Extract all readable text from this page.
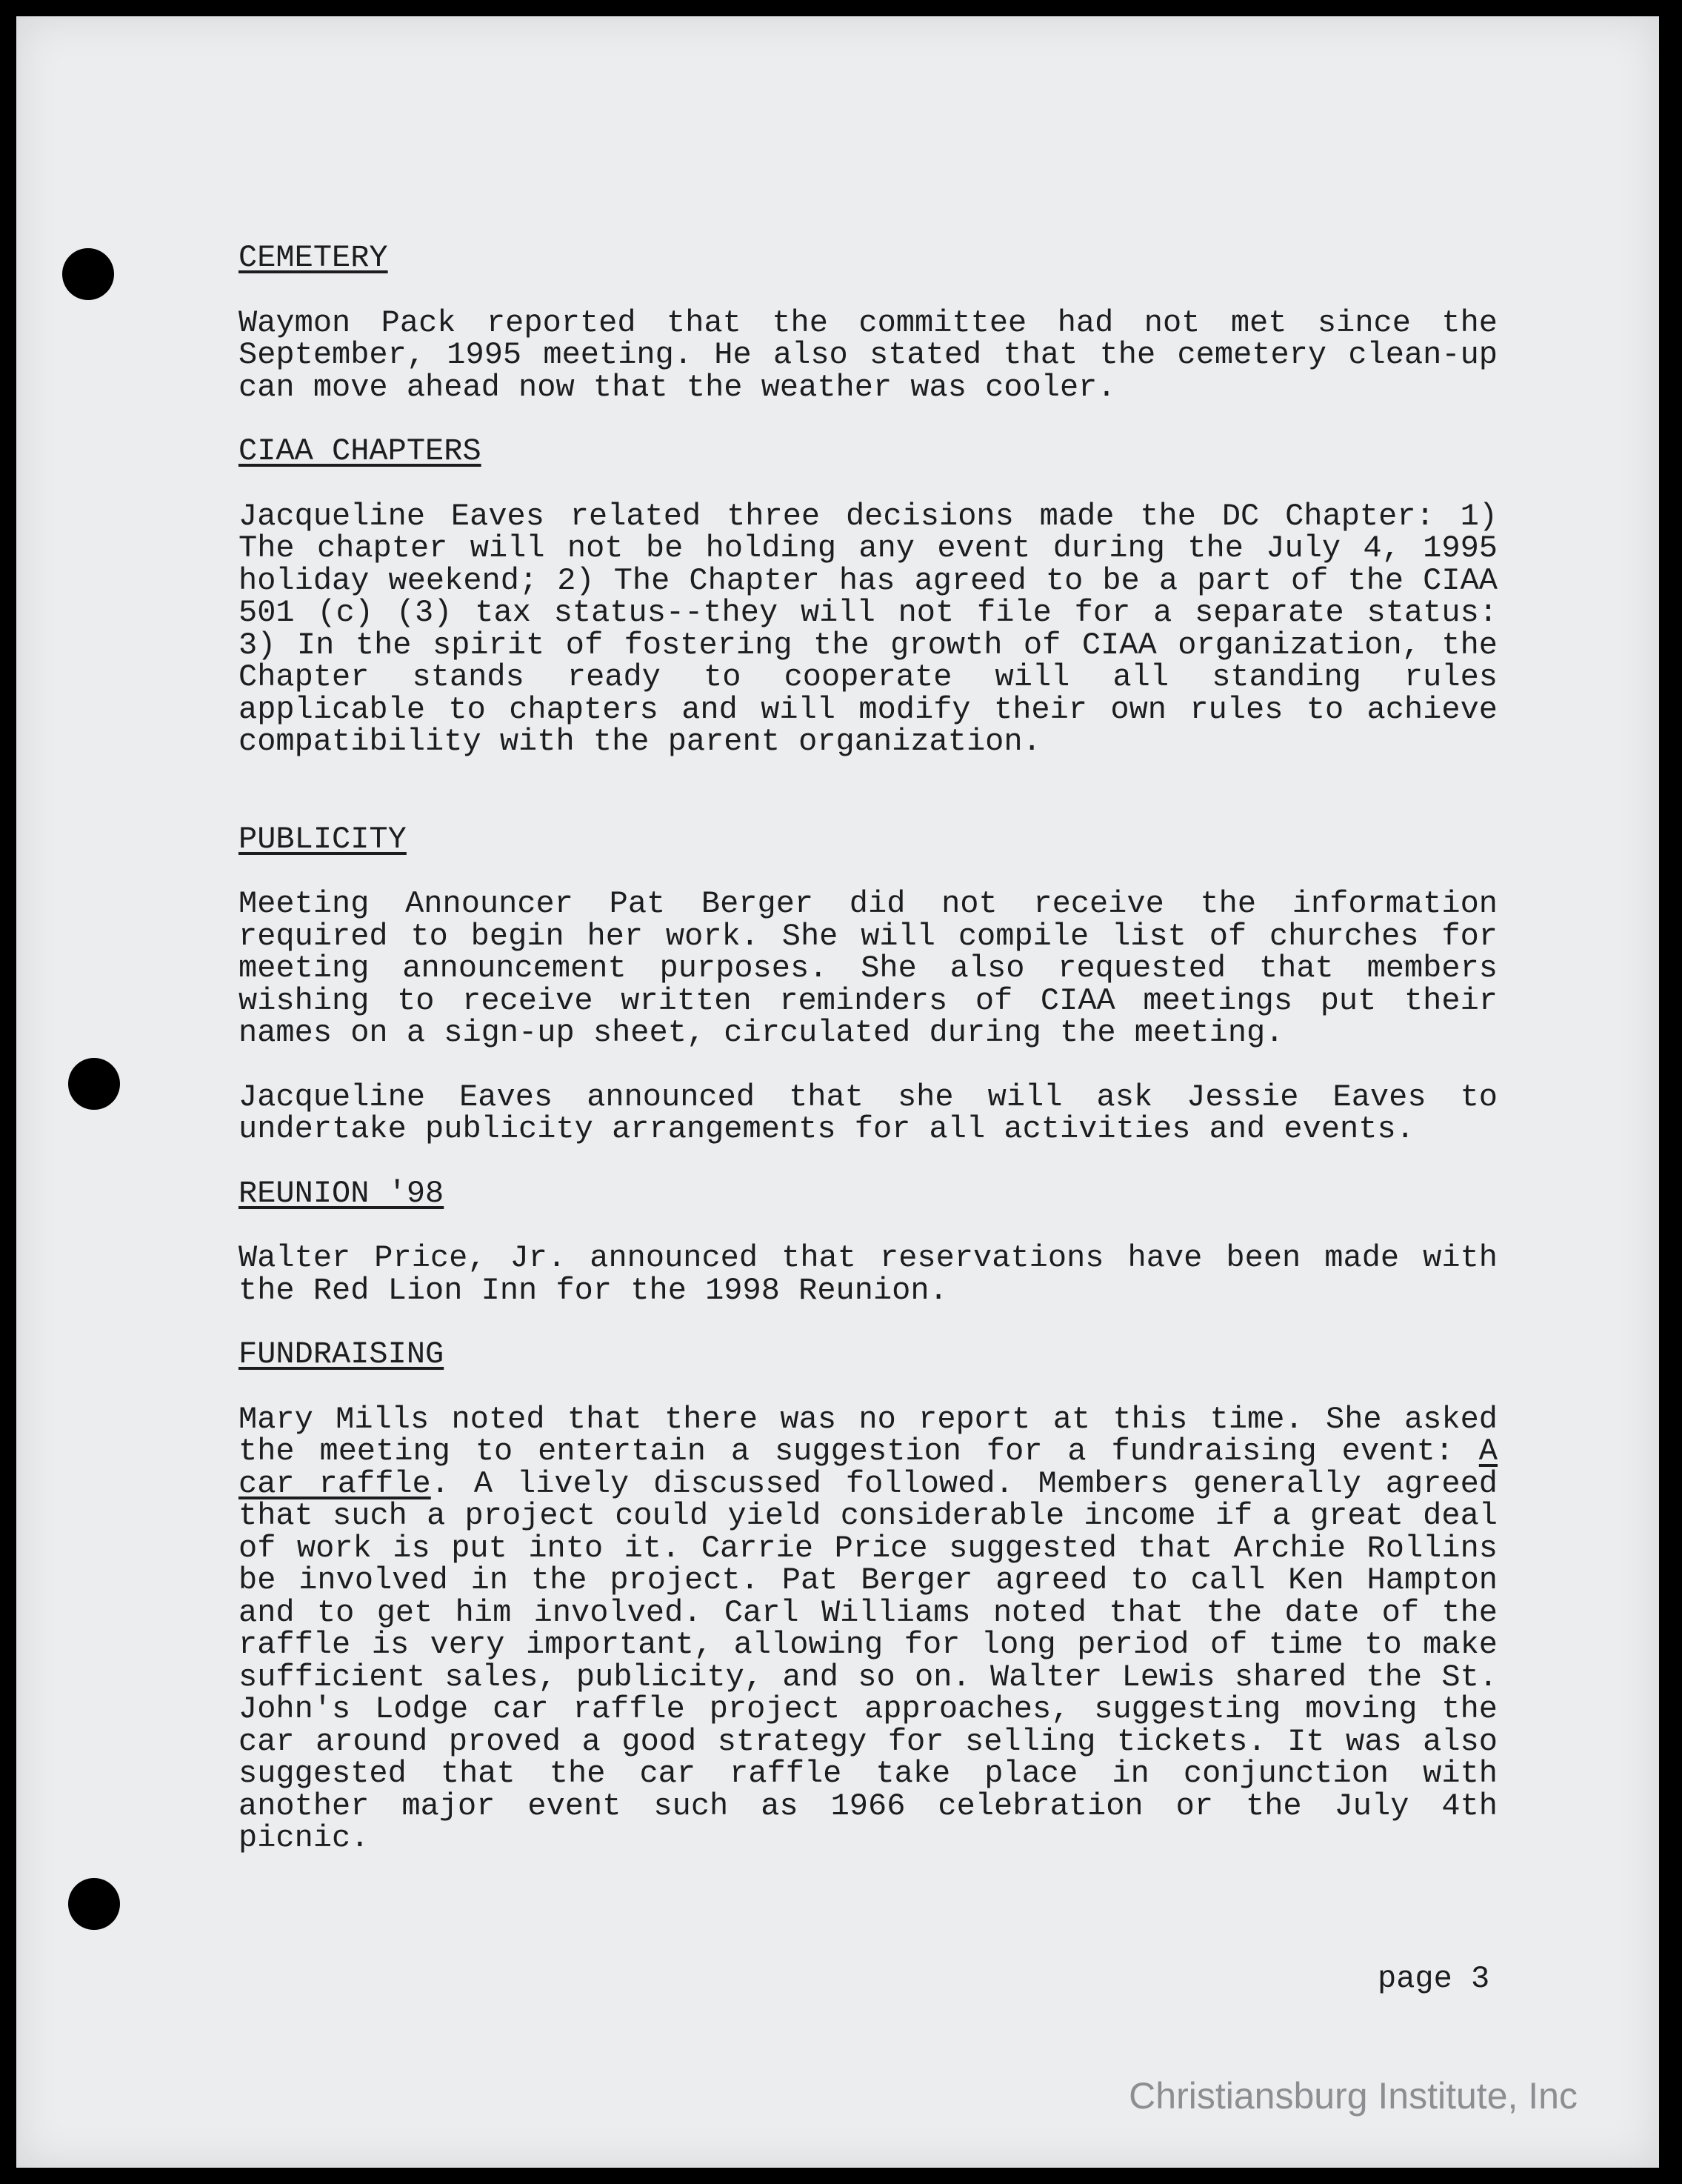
CEMETERY

Waymon Pack reported that the committee had not met since the September, 1995 meeting. He also stated that the cemetery clean-up can move ahead now that the weather was cooler.

CIAA CHAPTERS

Jacqueline Eaves related three decisions made the DC Chapter: 1) The chapter will not be holding any event during the July 4, 1995 holiday weekend; 2) The Chapter has agreed to be a part of the CIAA 501 (c) (3) tax status--they will not file for a separate status: 3) In the spirit of fostering the growth of CIAA organization, the Chapter stands ready to cooperate will all standing rules applicable to chapters and will modify their own rules to achieve compatibility with the parent organization.

PUBLICITY

Meeting Announcer Pat Berger did not receive the information required to begin her work. She will compile list of churches for meeting announcement purposes. She also requested that members wishing to receive written reminders of CIAA meetings put their names on a sign-up sheet, circulated during the meeting.

Jacqueline Eaves announced that she will ask Jessie Eaves to undertake publicity arrangements for all activities and events.

REUNION '98

Walter Price, Jr. announced that reservations have been made with the Red Lion Inn for the 1998 Reunion.

FUNDRAISING

Mary Mills noted that there was no report at this time. She asked the meeting to entertain a suggestion for a fundraising event: A car raffle. A lively discussed followed. Members generally agreed that such a project could yield considerable income if a great deal of work is put into it. Carrie Price suggested that Archie Rollins be involved in the project. Pat Berger agreed to call Ken Hampton and to get him involved. Carl Williams noted that the date of the raffle is very important, allowing for long period of time to make sufficient sales, publicity, and so on. Walter Lewis shared the St. John's Lodge car raffle project approaches, suggesting moving the car around proved a good strategy for selling tickets. It was also suggested that the car raffle take place in conjunction with another major event such as 1966 celebration or the July 4th picnic.

page 3
Christiansburg Institute, Inc
